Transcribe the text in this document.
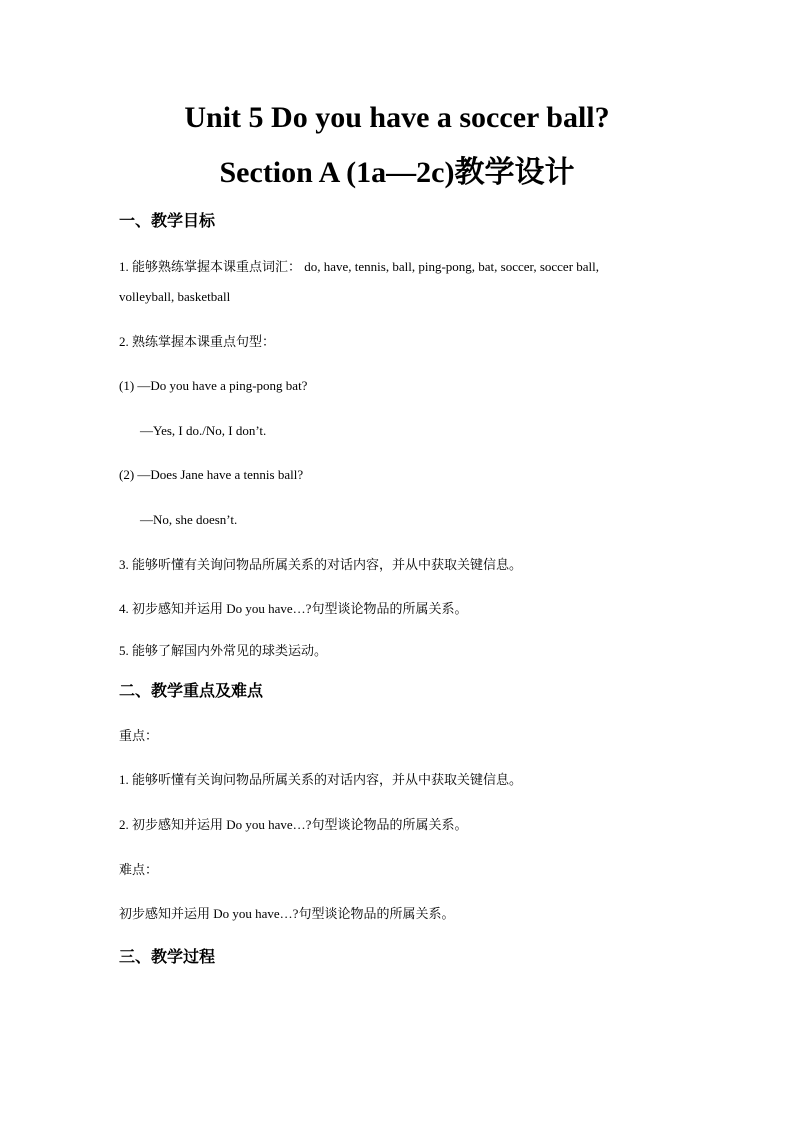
Unit 5 Do you have a soccer ball?
Section A (1a—2c)教学设计
一、教学目标
1. 能够熟练掌握本课重点词汇： do, have, tennis, ball, ping-pong, bat, soccer, soccer ball,
volleyball, basketball
2. 熟练掌握本课重点句型：
(1) —Do you have a ping-pong bat?
—Yes, I do./No, I don’t.
(2) —Does Jane have a tennis ball?
—No, she doesn’t.
3. 能够听懂有关询问物品所属关系的对话内容，并从中获取关键信息。
4. 初步感知并运用 Do you have…?句型谈论物品的所属关系。
5. 能够了解国内外常见的球类运动。
二、教学重点及难点
重点：
1. 能够听懂有关询问物品所属关系的对话内容，并从中获取关键信息。
2. 初步感知并运用 Do you have…?句型谈论物品的所属关系。
难点：
初步感知并运用 Do you have…?句型谈论物品的所属关系。
三、教学过程
